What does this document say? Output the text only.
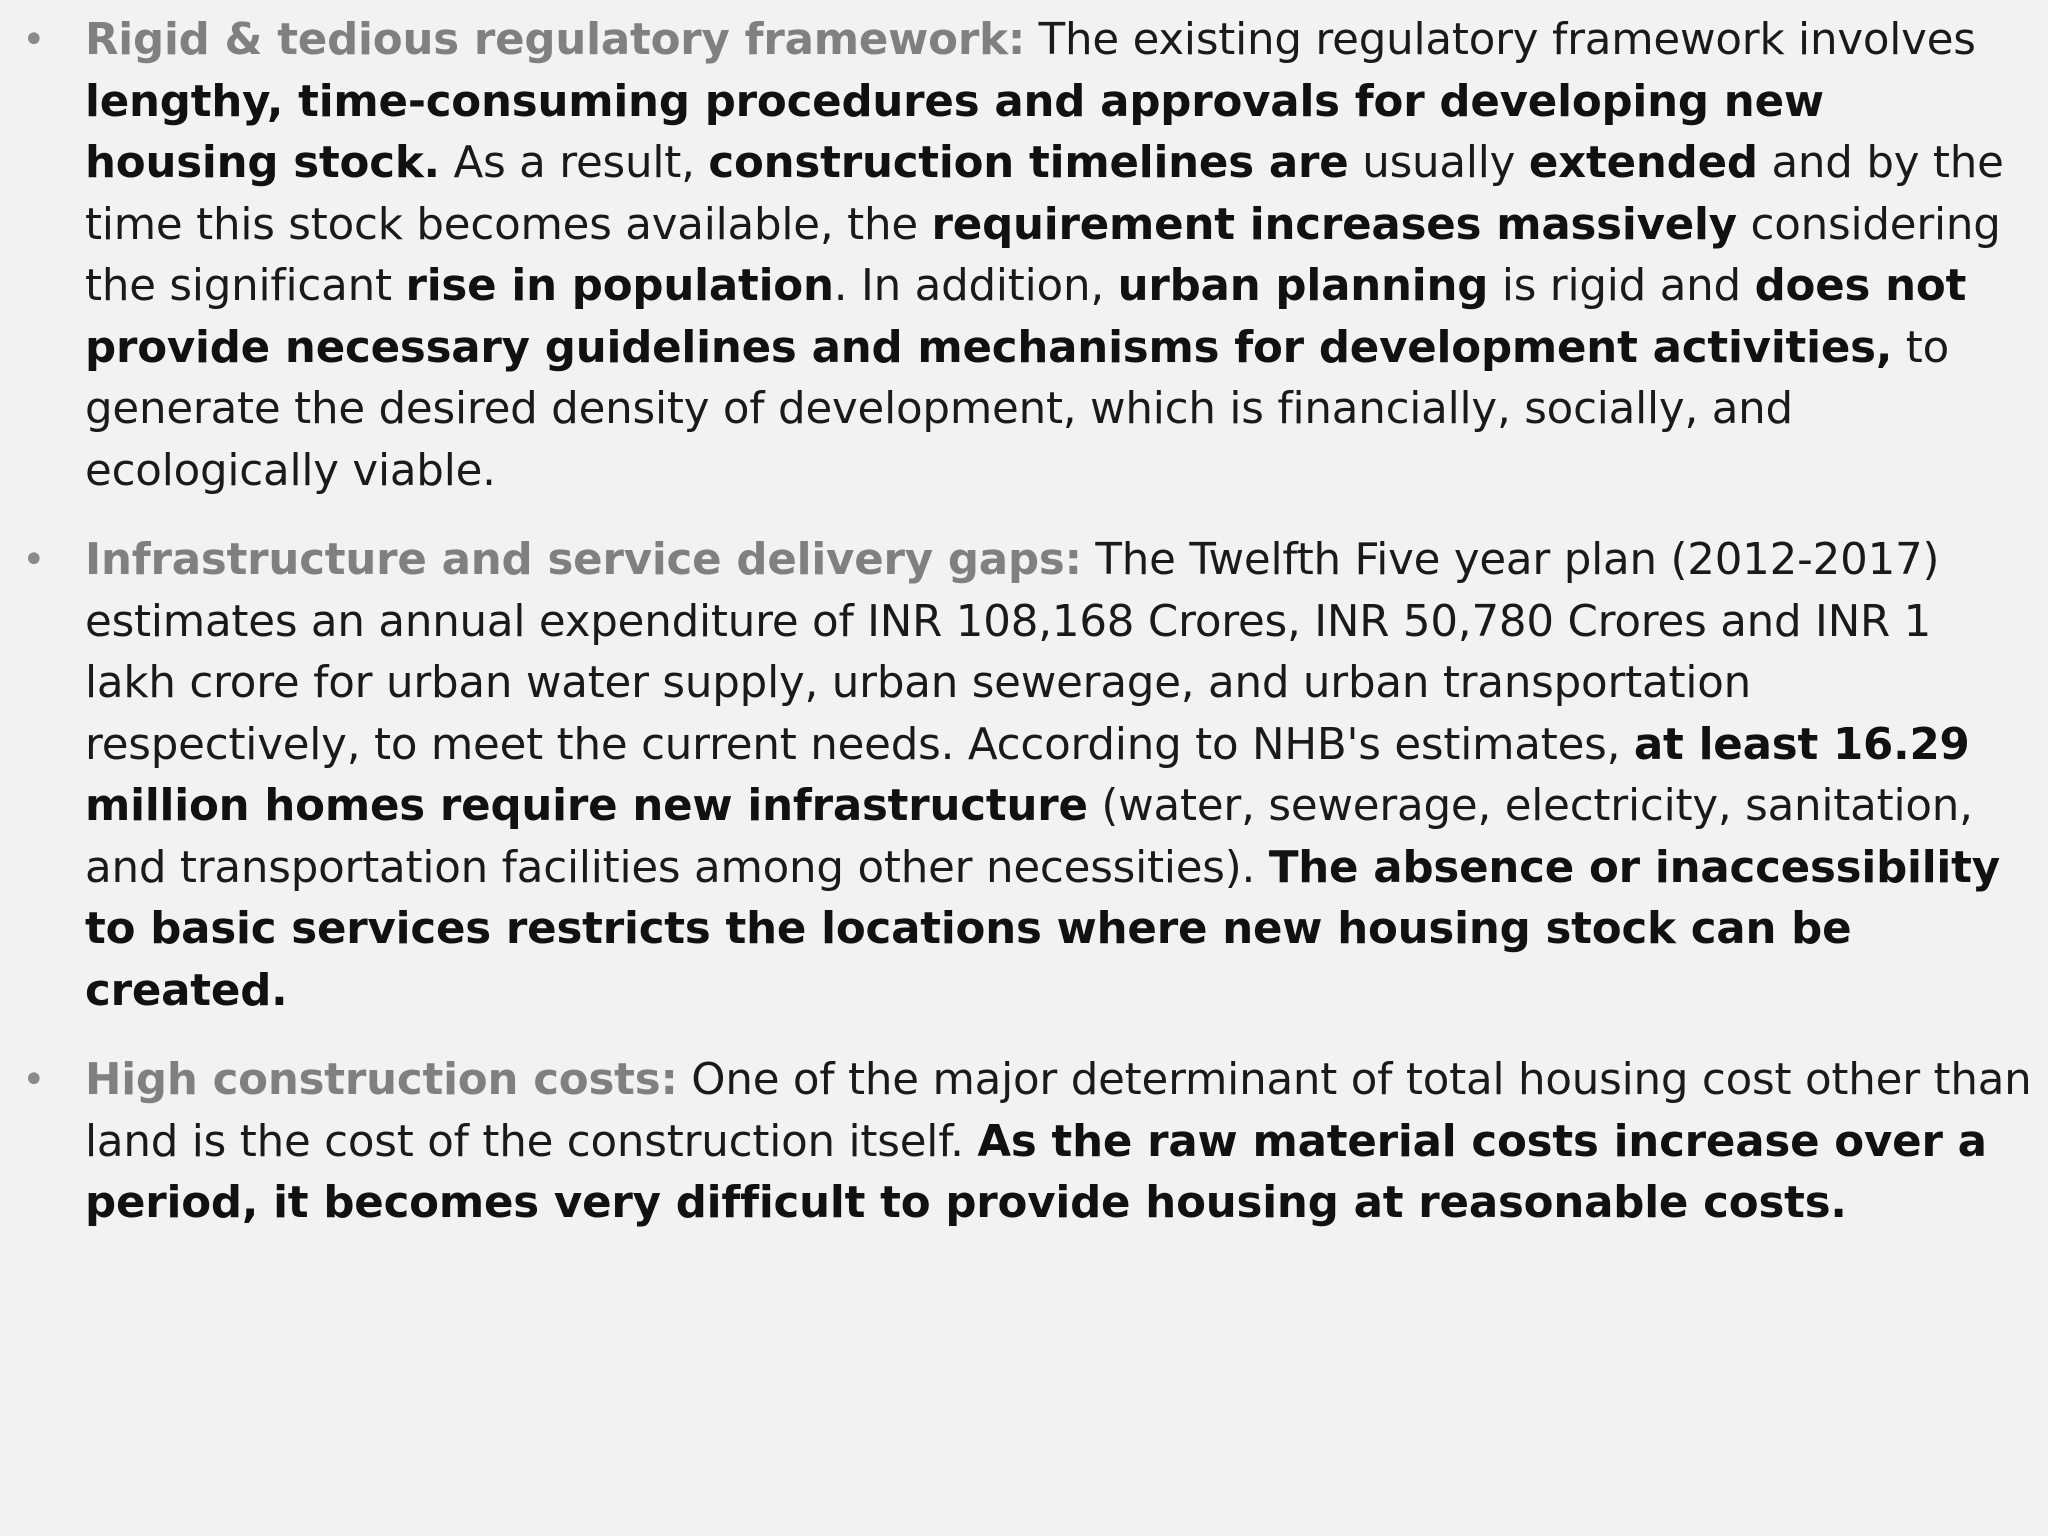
• Rigid & tedious regulatory framework: The existing regulatory framework involves lengthy, time-consuming procedures and approvals for developing new housing stock. As a result, construction timelines are usually extended and by the time this stock becomes available, the requirement increases massively considering the significant rise in population. In addition, urban planning is rigid and does not provide necessary guidelines and mechanisms for development activities, to generate the desired density of development, which is financially, socially, and ecologically viable.
• Infrastructure and service delivery gaps: The Twelfth Five year plan (2012-2017) estimates an annual expenditure of INR 108,168 Crores, INR 50,780 Crores and INR 1 lakh crore for urban water supply, urban sewerage, and urban transportation respectively, to meet the current needs. According to NHB's estimates, at least 16.29 million homes require new infrastructure (water, sewerage, electricity, sanitation, and transportation facilities among other necessities). The absence or inaccessibility to basic services restricts the locations where new housing stock can be created.
• High construction costs: One of the major determinant of total housing cost other than land is the cost of the construction itself. As the raw material costs increase over a period, it becomes very difficult to provide housing at reasonable costs.
